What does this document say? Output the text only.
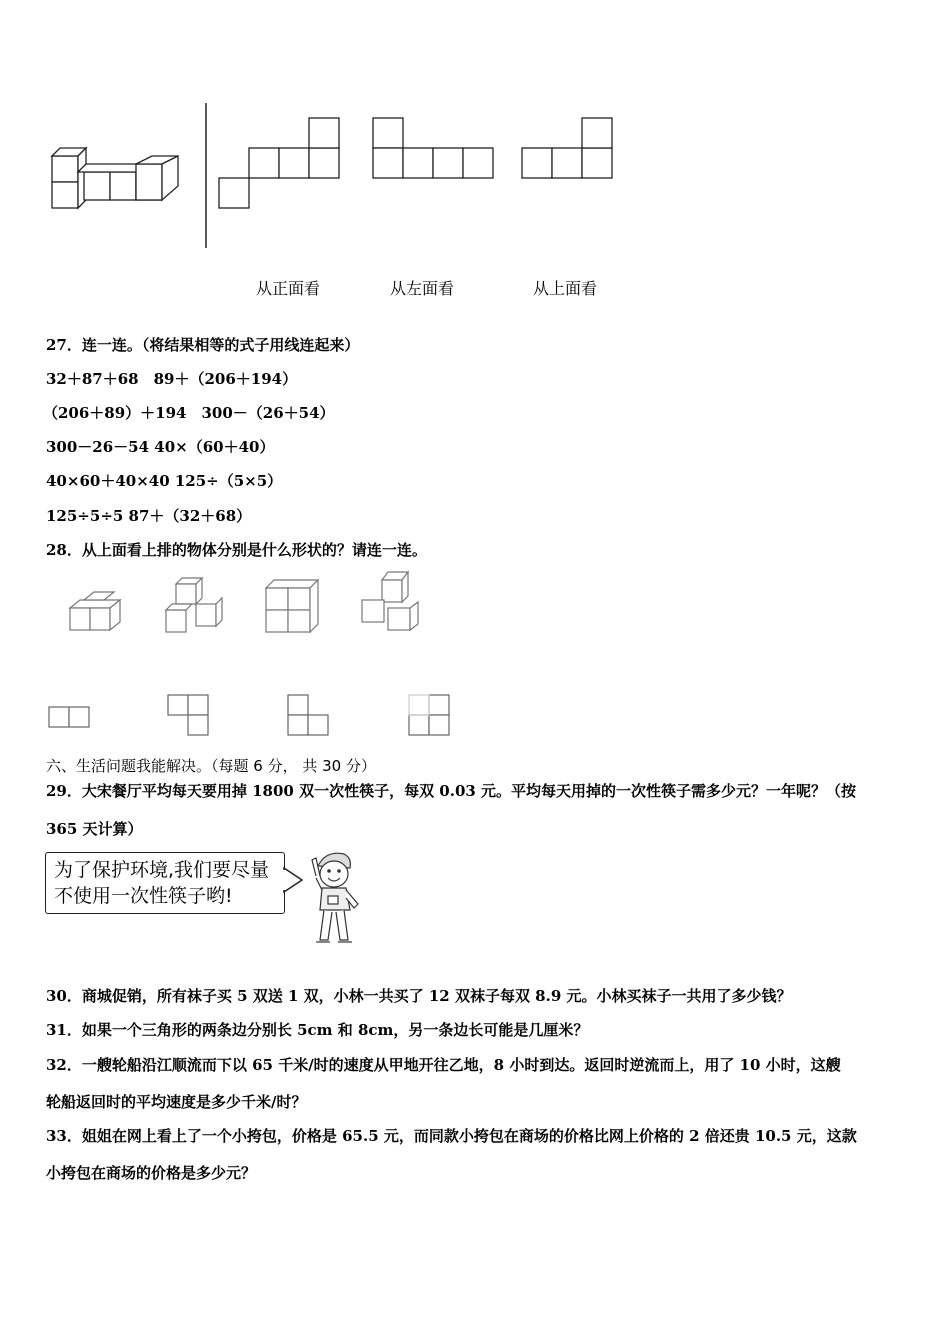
从正面看	从左面看	从上面看
27．连一连。（将结果相等的式子用线连起来）
32＋87＋68　89＋（206＋194）
（206＋89）＋194　300－（26＋54）
300－26－54 40×（60＋40）
40×60＋40×40 125÷（5×5）
125÷5÷5 87＋（32＋68）
28．从上面看上排的物体分别是什么形状的？请连一连。
六、生活问题我能解决。（每题 6 分， 共 30 分）
29．大宋餐厅平均每天要用掉 1800 双一次性筷子，每双 0.03 元。平均每天用掉的一次性筷子需多少元？一年呢？（按
365 天计算）
为了保护环境,我们要尽量
不使用一次性筷子哟!
30．商城促销，所有袜子买 5 双送 1 双，小林一共买了 12 双袜子每双 8.9 元。小林买袜子一共用了多少钱？
31．如果一个三角形的两条边分别长 5cm 和 8cm，另一条边长可能是几厘米？
32．一艘轮船沿江顺流而下以 65 千米/时的速度从甲地开往乙地，8 小时到达。返回时逆流而上，用了 10 小时，这艘
轮船返回时的平均速度是多少千米/时？
33．姐姐在网上看上了一个小挎包，价格是 65.5 元，而同款小挎包在商场的价格比网上价格的 2 倍还贵 10.5 元，这款
小挎包在商场的价格是多少元？
